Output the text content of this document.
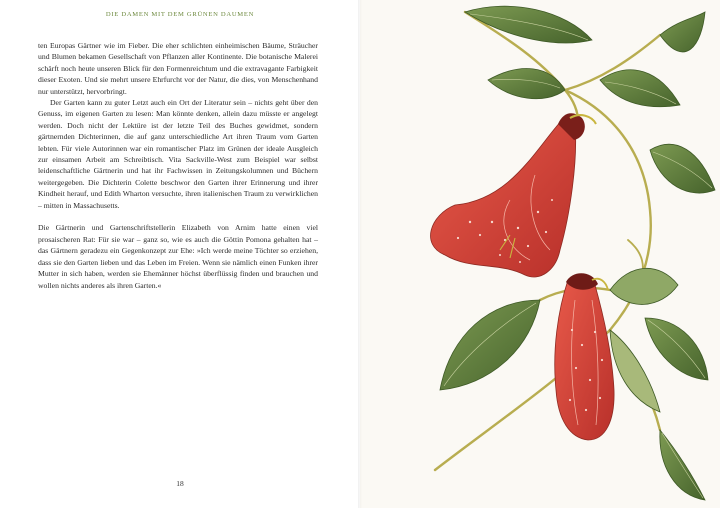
DIE DAMEN MIT DEM GRÜNEN DAUMEN

ten Europas Gärtner wie im Fieber. Die eher schlichten einheimischen Bäume, Sträucher und Blumen bekamen Gesellschaft von Pflanzen aller Kontinente. Die botanische Malerei schärft noch heute unseren Blick für den Formenreichtum und die extravagante Farbigkeit dieser Exoten. Und sie mehrt unsere Ehrfurcht vor der Natur, die dies, von Menschenhand nur unterstützt, hervorbringt.

Der Garten kann zu guter Letzt auch ein Ort der Literatur sein – nichts geht über den Genuss, im eigenen Garten zu lesen: Man könnte denken, allein dazu müsste er angelegt werden. Doch nicht der Lektüre ist der letzte Teil des Buches gewidmet, sondern gärtnernden Dichterinnen, die auf ganz unterschiedliche Art ihren Traum vom Garten lebten. Für viele Autorinnen war ein romantischer Platz im Grünen der ideale Ausgleich zur einsamen Arbeit am Schreibtisch. Vita Sackville-West zum Beispiel war selbst leidenschaftliche Gärtnerin und hat ihr Fachwissen in Zeitungskolumnen und Büchern weitergegeben. Die Dichterin Colette beschwor den Garten ihrer Erinnerung und ihrer Kindheit herauf, und Edith Wharton versuchte, ihren italienischen Traum zu verwirklichen – mitten in Massachusetts.

Die Gärtnerin und Gartenschriftstellerin Elizabeth von Arnim hatte einen viel prosaischeren Rat: Für sie war – ganz so, wie es auch die Göttin Pomona gehalten hat – das Gärtnern geradezu ein Gegenkonzept zur Ehe: »Ich werde meine Töchter so erziehen, dass sie den Garten lieben und das Leben im Freien. Wenn sie nämlich einen Funken ihrer Mutter in sich haben, werden sie Ehemänner höchst überflüssig finden und brauchen und wollen nichts anderes als ihren Garten.«

18
